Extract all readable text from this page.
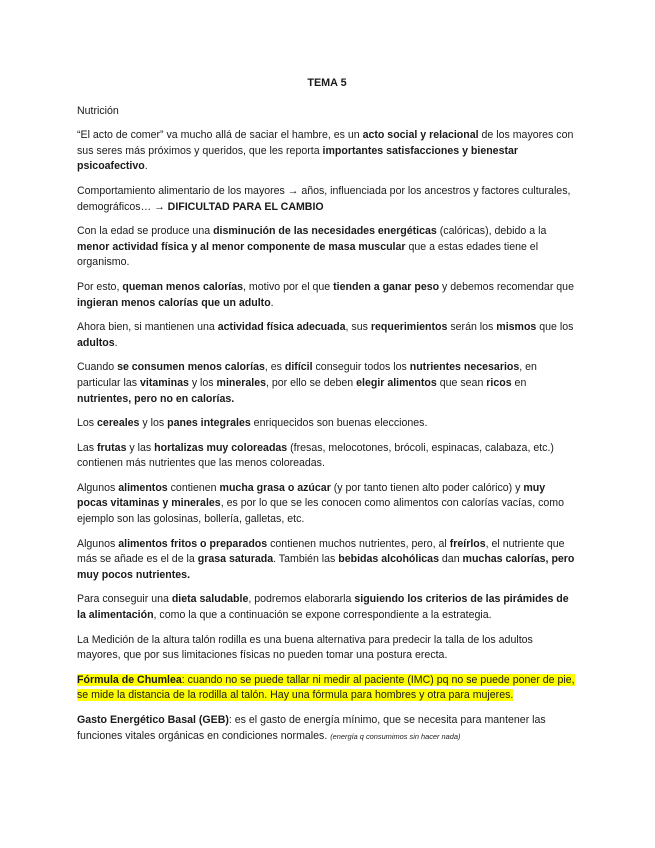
TEMA 5

Nutrición

“El acto de comer” va mucho allá de saciar el hambre, es un acto social y relacional de los mayores con sus seres más próximos y queridos, que les reporta importantes satisfacciones y bienestar psicoafectivo.

Comportamiento alimentario de los mayores → años, influenciada por los ancestros y factores culturales, demográficos… → DIFICULTAD PARA EL CAMBIO

Con la edad se produce una disminución de las necesidades energéticas (calóricas), debido a la menor actividad física y al menor componente de masa muscular que a estas edades tiene el organismo.

Por esto, queman menos calorías, motivo por el que tienden a ganar peso y debemos recomendar que ingieran menos calorías que un adulto.

Ahora bien, si mantienen una actividad física adecuada, sus requerimientos serán los mismos que los adultos.

Cuando se consumen menos calorías, es difícil conseguir todos los nutrientes necesarios, en particular las vitaminas y los minerales, por ello se deben elegir alimentos que sean ricos en nutrientes, pero no en calorías.

Los cereales y los panes integrales enriquecidos son buenas elecciones.

Las frutas y las hortalizas muy coloreadas (fresas, melocotones, brócoli, espinacas, calabaza, etc.) contienen más nutrientes que las menos coloreadas.

Algunos alimentos contienen mucha grasa o azúcar (y por tanto tienen alto poder calórico) y muy pocas vitaminas y minerales, es por lo que se les conocen como alimentos con calorías vacías, como ejemplo son las golosinas, bollería, galletas, etc.

Algunos alimentos fritos o preparados contienen muchos nutrientes, pero, al freírlos, el nutriente que más se añade es el de la grasa saturada. También las bebidas alcohólicas dan muchas calorías, pero muy pocos nutrientes.

Para conseguir una dieta saludable, podremos elaborarla siguiendo los criterios de las pirámides de la alimentación, como la que a continuación se expone correspondiente a la estrategia.

La Medición de la altura talón rodilla es una buena alternativa para predecir la talla de los adultos mayores, que por sus limitaciones físicas no pueden tomar una postura erecta.

Fórmula de Chumlea: cuando no se puede tallar ni medir al paciente (IMC) pq no se puede poner de pie, se mide la distancia de la rodilla al talón. Hay una fórmula para hombres y otra para mujeres.

Gasto Energético Basal (GEB): es el gasto de energía mínimo, que se necesita para mantener las funciones vitales orgánicas en condiciones normales. (energía q consumimos sin hacer nada)
